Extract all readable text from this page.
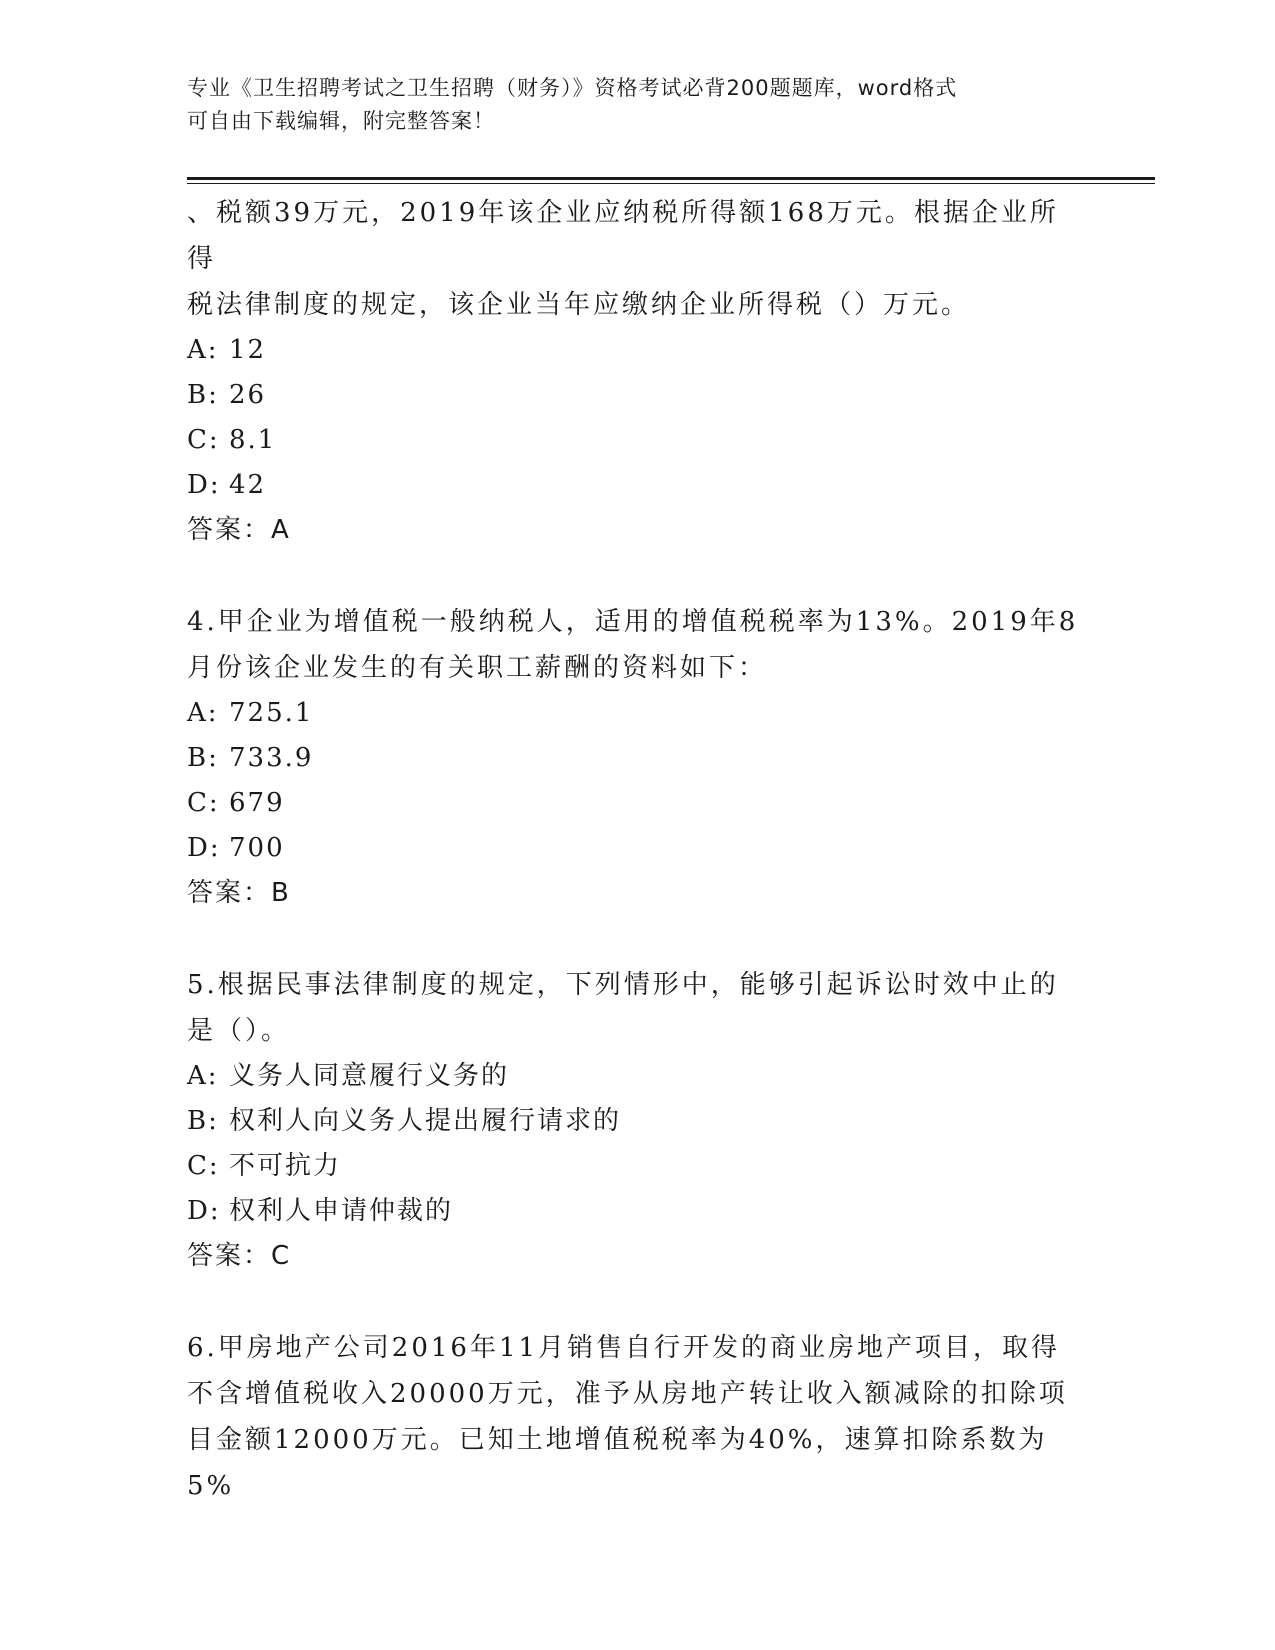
专业《卫生招聘考试之卫生招聘（财务）》资格考试必背200题题库，word格式
可自由下载编辑，附完整答案！

、税额39万元，2019年该企业应纳税所得额168万元。根据企业所得

税法律制度的规定，该企业当年应缴纳企业所得税（）万元。

A: 12

B: 26

C: 8.1

D: 42

答案：A

4.甲企业为增值税一般纳税人，适用的增值税税率为13%。2019年8

月份该企业发生的有关职工薪酬的资料如下：

A: 725.1

B: 733.9

C: 679

D: 700

答案：B

5.根据民事法律制度的规定，下列情形中，能够引起诉讼时效中止的

是（）。

A: 义务人同意履行义务的

B: 权利人向义务人提出履行请求的

C: 不可抗力

D: 权利人申请仲裁的

答案：C

6.甲房地产公司2016年11月销售自行开发的商业房地产项目，取得

不含增值税收入20000万元，准予从房地产转让收入额减除的扣除项

目金额12000万元。已知土地增值税税率为40%，速算扣除系数为5%
